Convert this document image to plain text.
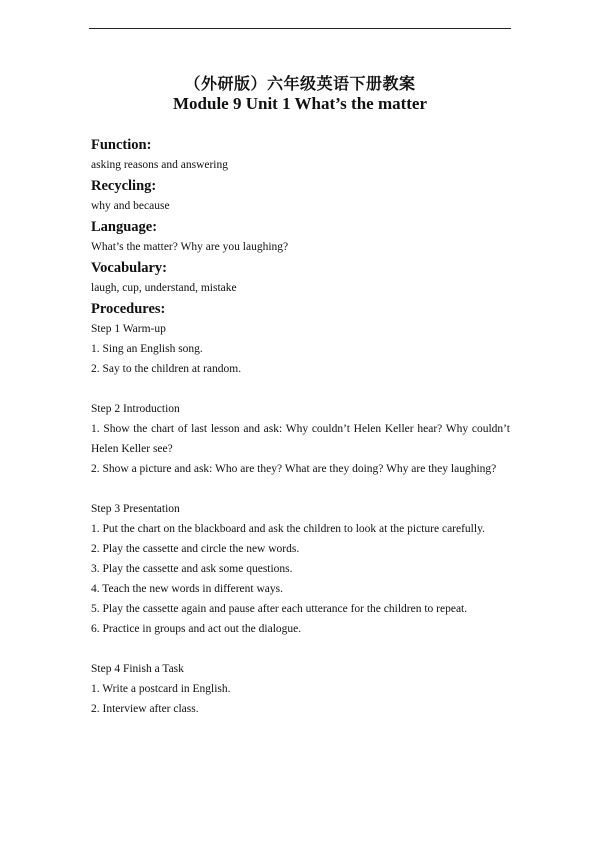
（外研版）六年级英语下册教案
Module 9 Unit 1 What’s the matter
Function:
asking reasons and answering
Recycling:
why and because
Language:
What’s the matter? Why are you laughing?
Vocabulary:
laugh, cup, understand, mistake
Procedures:
Step 1 Warm-up
1. Sing an English song.
2. Say to the children at random.
Step 2 Introduction
1. Show the chart of last lesson and ask: Why couldn’t Helen Keller hear? Why couldn’t Helen Keller see?
2. Show a picture and ask: Who are they? What are they doing? Why are they laughing?
Step 3 Presentation
1. Put the chart on the blackboard and ask the children to look at the picture carefully.
2. Play the cassette and circle the new words.
3. Play the cassette and ask some questions.
4. Teach the new words in different ways.
5. Play the cassette again and pause after each utterance for the children to repeat.
6. Practice in groups and act out the dialogue.
Step 4 Finish a Task
1. Write a postcard in English.
2. Interview after class.
